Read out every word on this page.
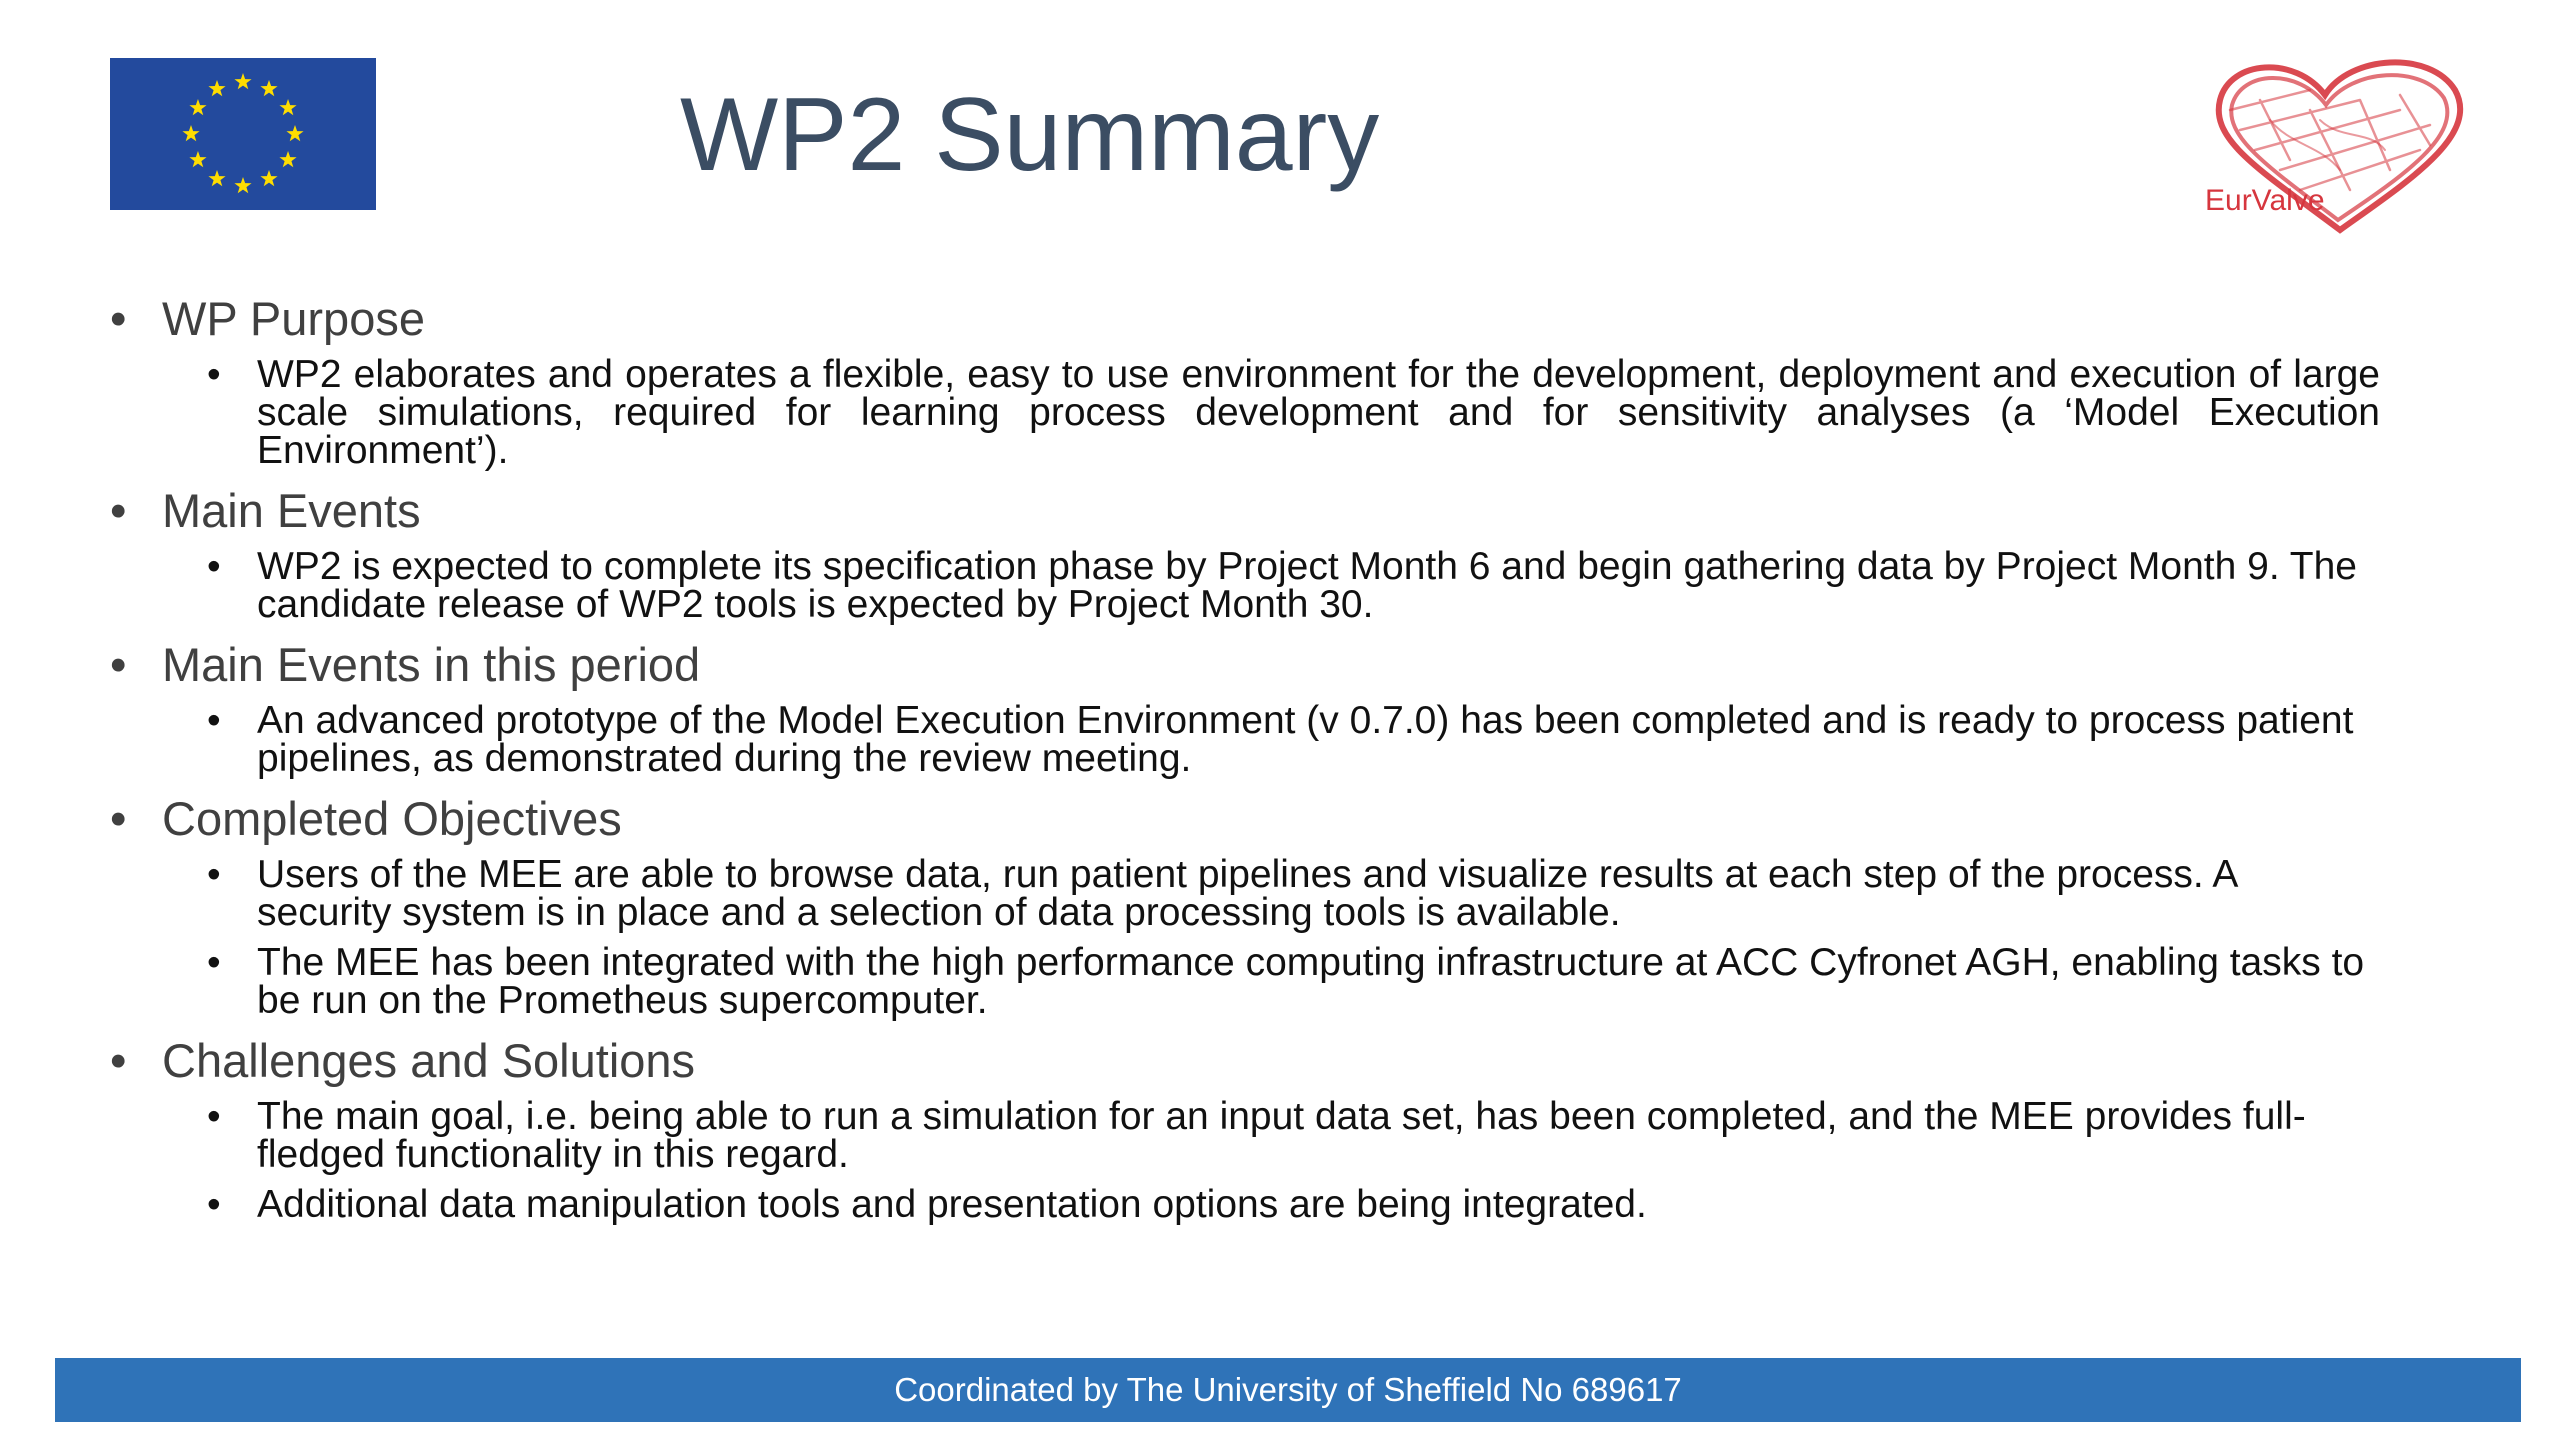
WP2 Summary
EurValve
• WP Purpose
• WP2 elaborates and operates a flexible, easy to use environment for the development, deployment and execution of large scale simulations, required for learning process development and for sensitivity analyses (a ‘Model Execution Environment’).
• Main Events
• WP2 is expected to complete its specification phase by Project Month 6 and begin gathering data by Project Month 9. The candidate release of WP2 tools is expected by Project Month 30.
• Main Events in this period
• An advanced prototype of the Model Execution Environment (v 0.7.0) has been completed and is ready to process patient pipelines, as demonstrated during the review meeting.
• Completed Objectives
• Users of the MEE are able to browse data, run patient pipelines and visualize results at each step of the process. A security system is in place and a selection of data processing tools is available.
• The MEE has been integrated with the high performance computing infrastructure at ACC Cyfronet AGH, enabling tasks to be run on the Prometheus supercomputer.
• Challenges and Solutions
• The main goal, i.e. being able to run a simulation for an input data set, has been completed, and the MEE provides full-fledged functionality in this regard.
• Additional data manipulation tools and presentation options are being integrated.
Coordinated by The University of Sheffield No 689617
